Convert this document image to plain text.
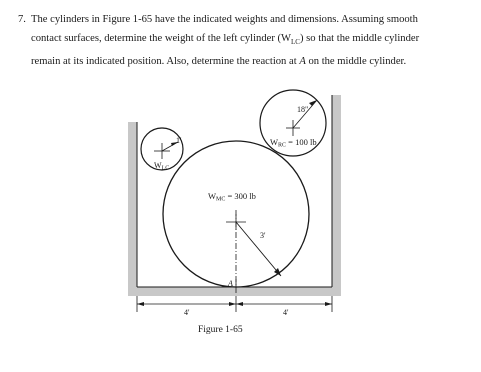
7. The cylinders in Figure 1-65 have the indicated weights and dimensions. Assuming smooth
contact surfaces, determine the weight of the left cylinder $(W_{LC})$ so that the middle cylinder
remain at its indicated position. Also, determine the reaction at A on the middle cylinder.
1'
WLC
WMC = 300 lb
3'
18"
WRC = 100 lb
A
4'	4'
Figure 1-65
